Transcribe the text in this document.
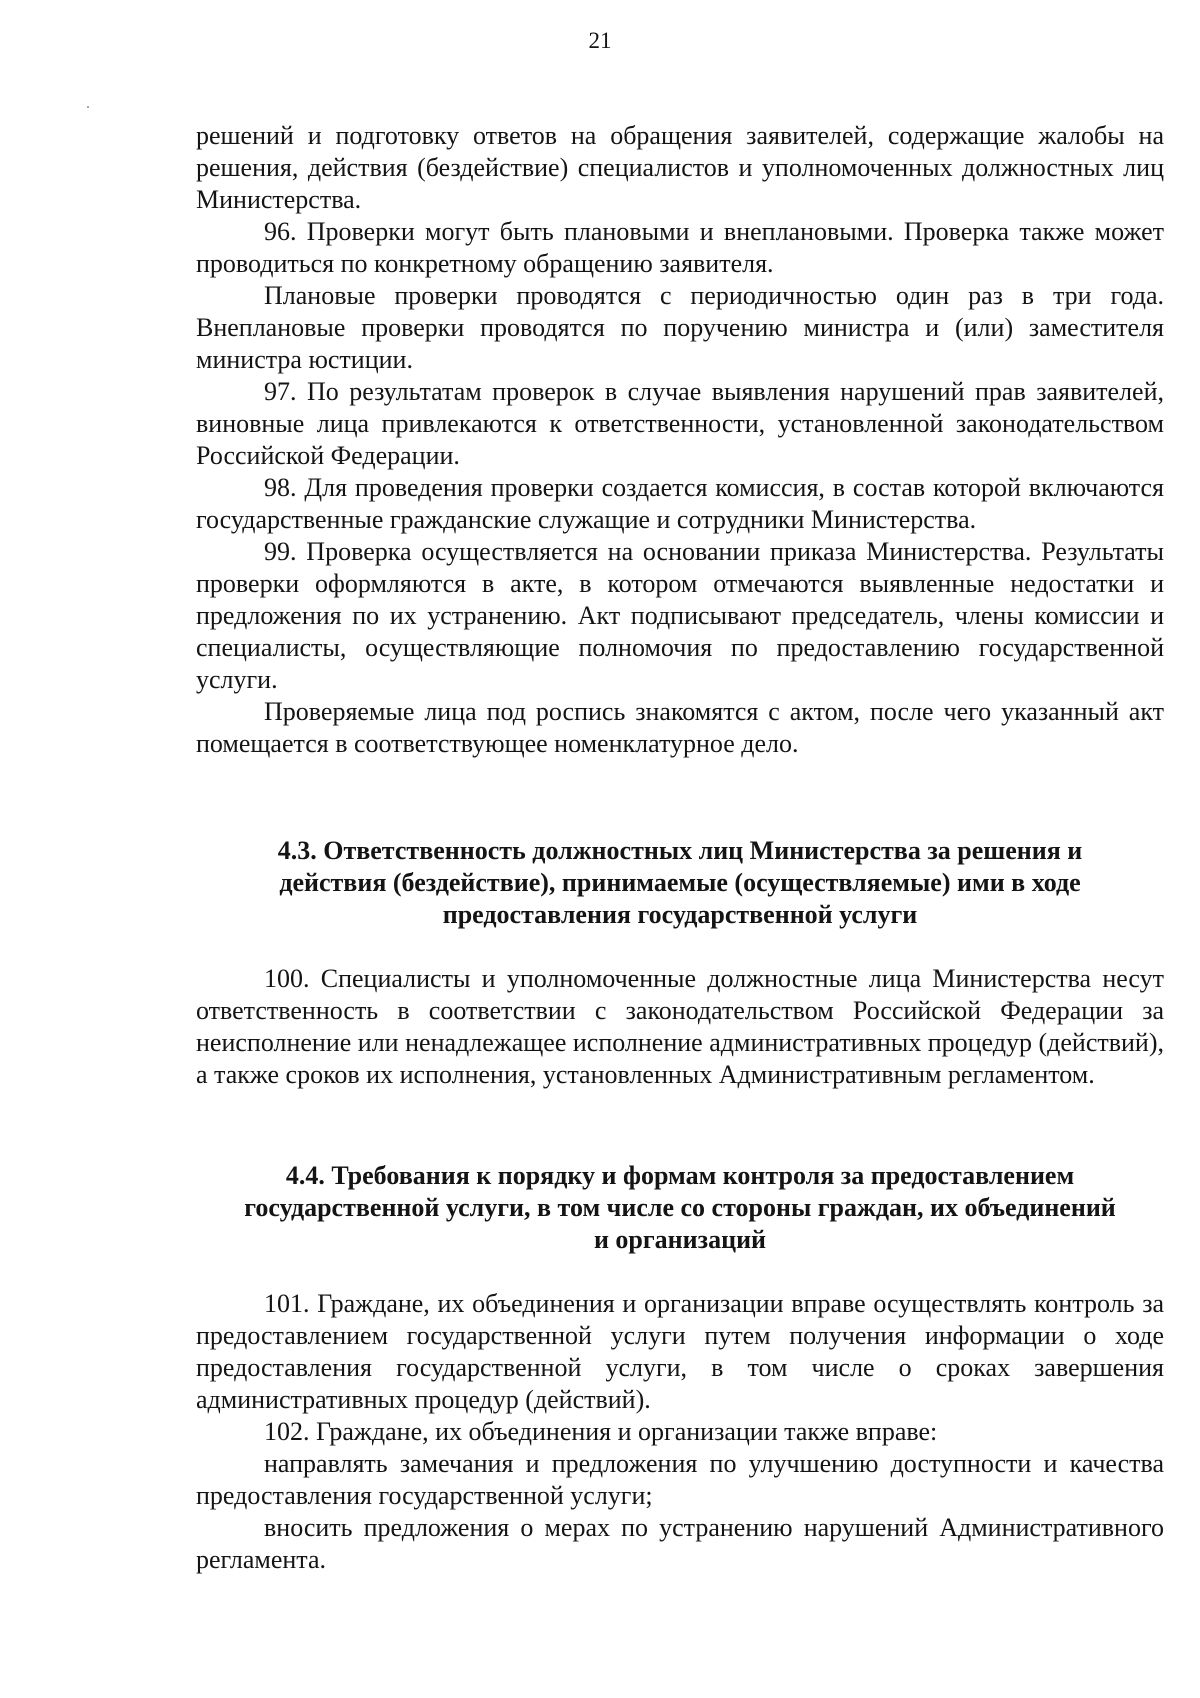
21

решений и подготовку ответов на обращения заявителей, содержащие жалобы на решения, действия (бездействие) специалистов и уполномоченных должностных лиц Министерства.

96. Проверки могут быть плановыми и внеплановыми. Проверка также может проводиться по конкретному обращению заявителя.

Плановые проверки проводятся с периодичностью один раз в три года. Внеплановые проверки проводятся по поручению министра и (или) заместителя министра юстиции.

97. По результатам проверок в случае выявления нарушений прав заявителей, виновные лица привлекаются к ответственности, установленной законодательством Российской Федерации.

98. Для проведения проверки создается комиссия, в состав которой включаются государственные гражданские служащие и сотрудники Министерства.

99. Проверка осуществляется на основании приказа Министерства. Результаты проверки оформляются в акте, в котором отмечаются выявленные недостатки и предложения по их устранению. Акт подписывают председатель, члены комиссии и специалисты, осуществляющие полномочия по предоставлению государственной услуги.

Проверяемые лица под роспись знакомятся с актом, после чего указанный акт помещается в соответствующее номенклатурное дело.

4.3. Ответственность должностных лиц Министерства за решения и
действия (бездействие), принимаемые (осуществляемые) ими в ходе
предоставления государственной услуги

100. Специалисты и уполномоченные должностные лица Министерства несут ответственность в соответствии с законодательством Российской Федерации за неисполнение или ненадлежащее исполнение административных процедур (действий), а также сроков их исполнения, установленных Административным регламентом.

4.4. Требования к порядку и формам контроля за предоставлением
государственной услуги, в том числе со стороны граждан, их объединений
и организаций

101. Граждане, их объединения и организации вправе осуществлять контроль за предоставлением государственной услуги путем получения информации о ходе предоставления государственной услуги, в том числе о сроках завершения административных процедур (действий).

102. Граждане, их объединения и организации также вправе:

направлять замечания и предложения по улучшению доступности и качества предоставления государственной услуги;

вносить предложения о мерах по устранению нарушений Административного регламента.
